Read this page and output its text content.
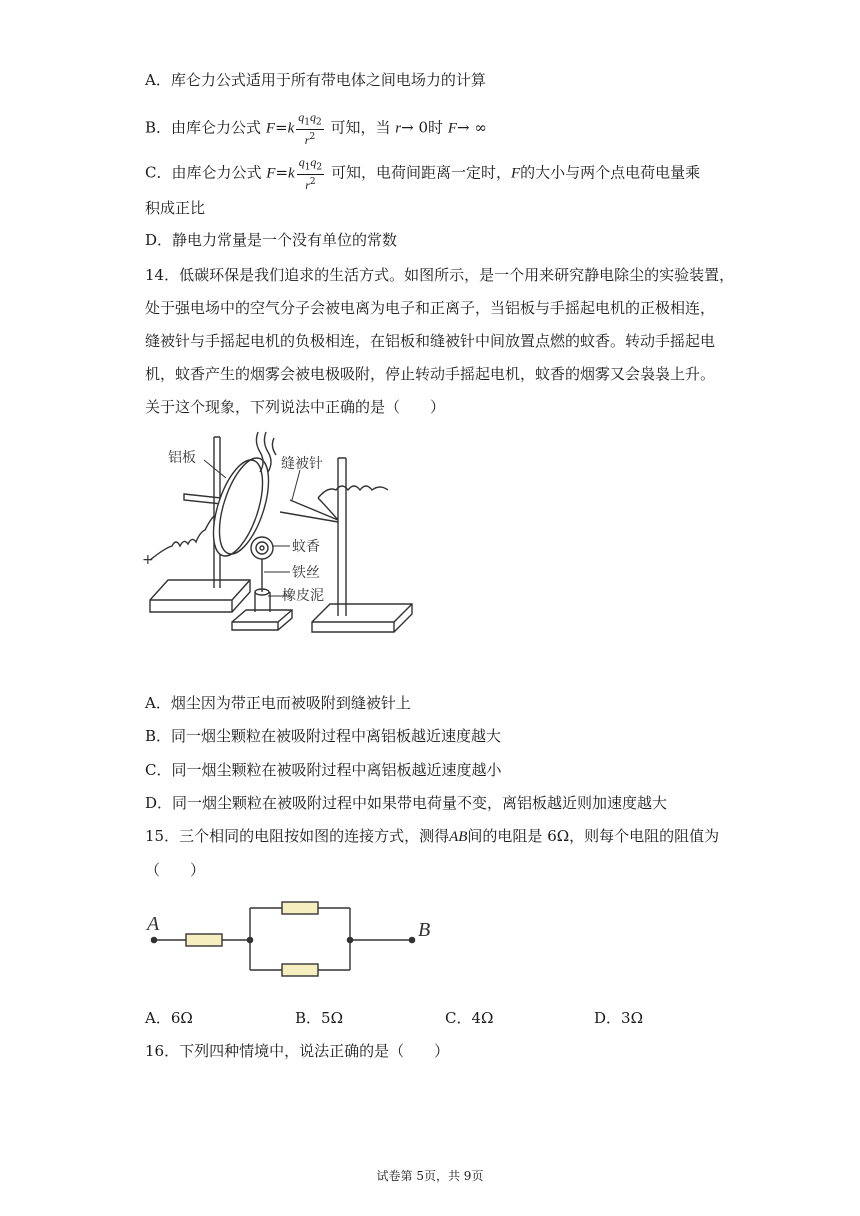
A．库仑力公式适用于所有带电体之间电场力的计算
B．由库仑力公式 $F=k \frac{q_1q_2}{r^2}$ 可知，当 r→ 0时 F→ ∞
C．由库仑力公式 $F=k \frac{q_1q_2}{r^2}$ 可知，电荷间距离一定时，F的大小与两个点电荷电量乘
积成正比
D．静电力常量是一个没有单位的常数
14．低碳环保是我们追求的生活方式。如图所示，是一个用来研究静电除尘的实验装置，
处于强电场中的空气分子会被电离为电子和正离子，当铝板与手摇起电机的正极相连，
缝被针与手摇起电机的负极相连，在铝板和缝被针中间放置点燃的蚊香。转动手摇起电
机，蚊香产生的烟雾会被电极吸附，停止转动手摇起电机，蚊香的烟雾又会袅袅上升。
关于这个现象，下列说法中正确的是（　　）
铝板	缝被针
蚊香
铁丝
橡皮泥
+
A．烟尘因为带正电而被吸附到缝被针上
B．同一烟尘颗粒在被吸附过程中离铝板越近速度越大
C．同一烟尘颗粒在被吸附过程中离铝板越近速度越小
D．同一烟尘颗粒在被吸附过程中如果带电荷量不变，离铝板越近则加速度越大
15．三个相同的电阻按如图的连接方式，测得AB间的电阻是 6Ω，则每个电阻的阻值为
（　　）
A	B
A．6Ω	B．5Ω	C．4Ω	D．3Ω
16．下列四种情境中，说法正确的是（　　）
试卷第 5页，共 9页
